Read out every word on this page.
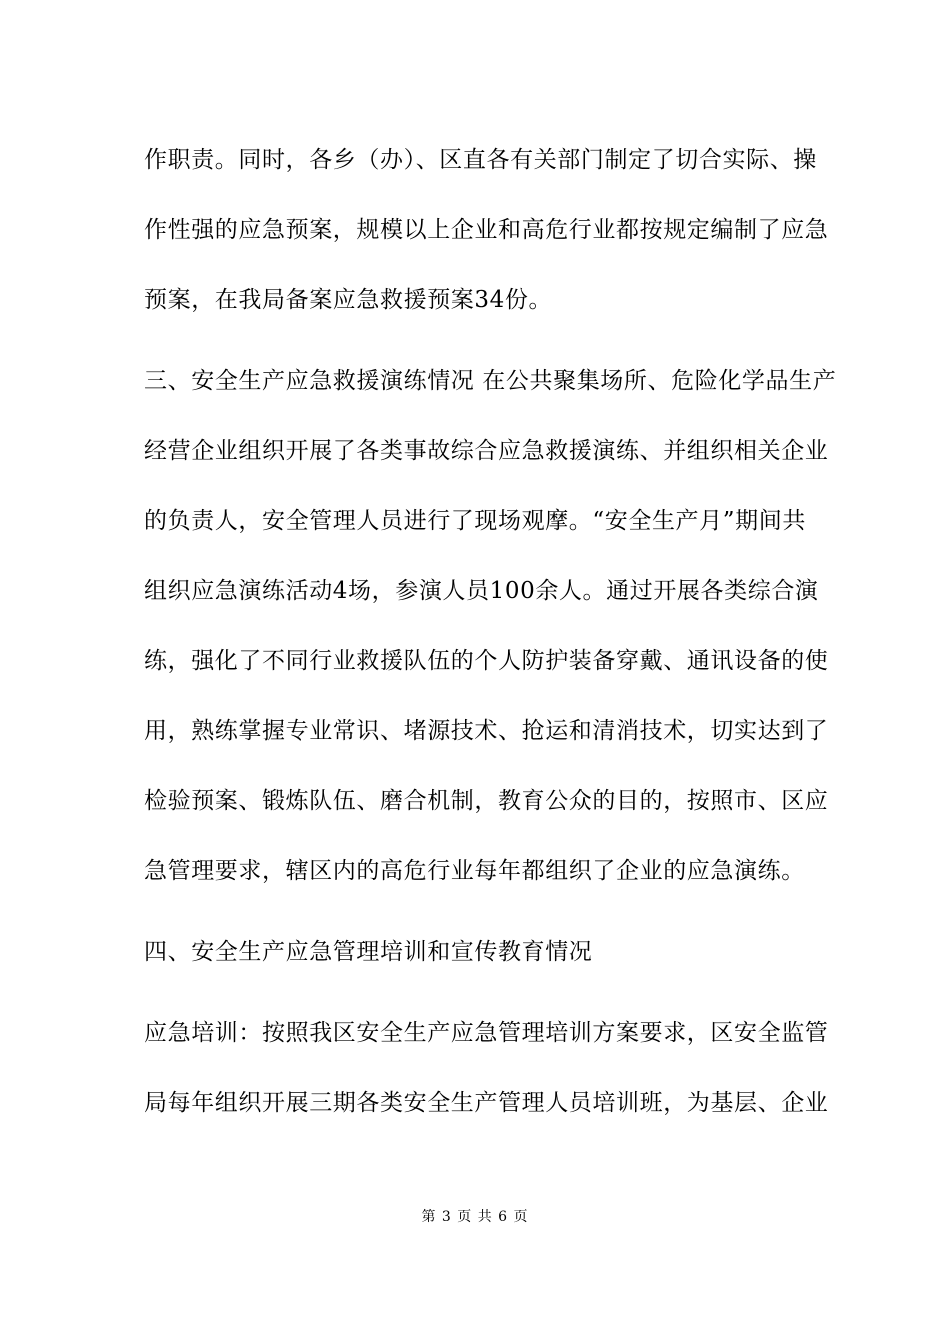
作职责。同时，各乡（办）、区直各有关部门制定了切合实际、操
作性强的应急预案，规模以上企业和高危行业都按规定编制了应急
预案，在我局备案应急救援预案34份。
三、安全生产应急救援演练情况 在公共聚集场所、危险化学品生产
经营企业组织开展了各类事故综合应急救援演练、并组织相关企业
的负责人，安全管理人员进行了现场观摩。“安全生产月”期间共
组织应急演练活动4场，参演人员100余人。通过开展各类综合演
练，强化了不同行业救援队伍的个人防护装备穿戴、通讯设备的使
用，熟练掌握专业常识、堵源技术、抢运和清消技术，切实达到了
检验预案、锻炼队伍、磨合机制，教育公众的目的，按照市、区应
急管理要求，辖区内的高危行业每年都组织了企业的应急演练。
四、安全生产应急管理培训和宣传教育情况
应急培训：按照我区安全生产应急管理培训方案要求，区安全监管
局每年组织开展三期各类安全生产管理人员培训班，为基层、企业
第 3 页 共 6 页
